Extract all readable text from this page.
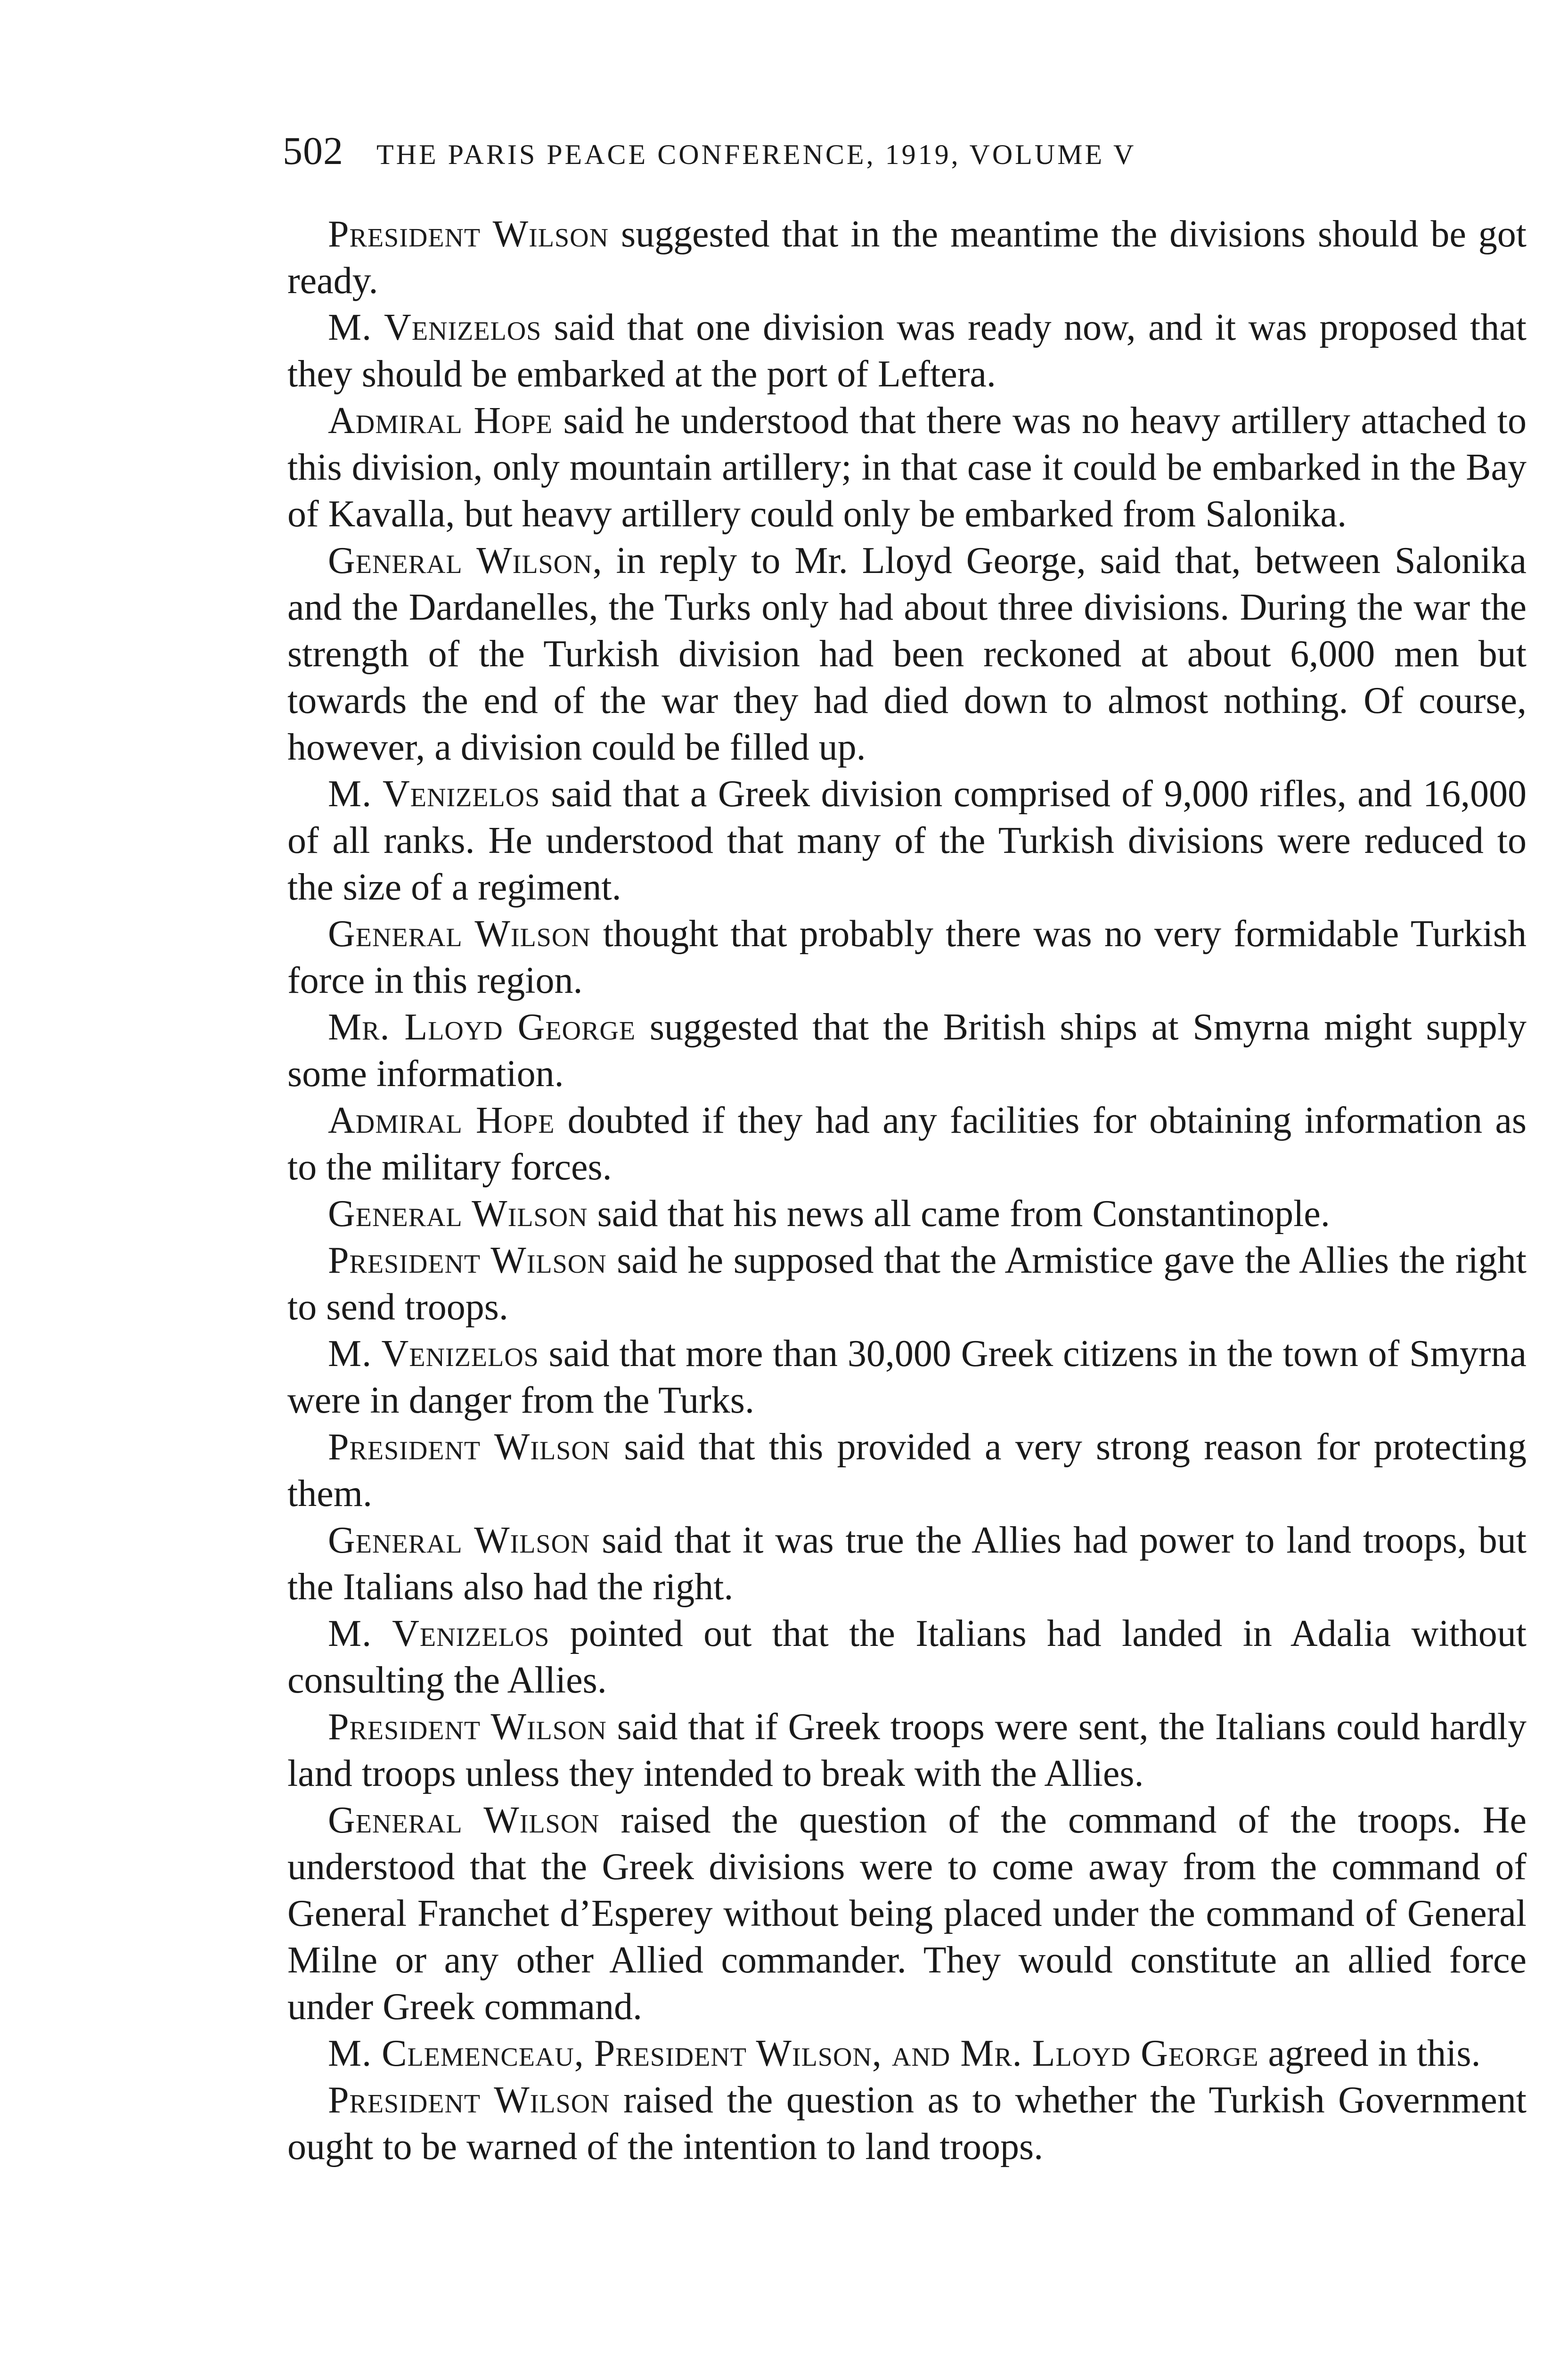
502 THE PARIS PEACE CONFERENCE, 1919, VOLUME V

President Wilson suggested that in the meantime the divisions should be got ready.

M. Venizelos said that one division was ready now, and it was proposed that they should be embarked at the port of Leftera.

Admiral Hope said he understood that there was no heavy artillery attached to this division, only mountain artillery; in that case it could be embarked in the Bay of Kavalla, but heavy artillery could only be embarked from Salonika.

General Wilson, in reply to Mr. Lloyd George, said that, between Salonika and the Dardanelles, the Turks only had about three divisions. During the war the strength of the Turkish division had been reckoned at about 6,000 men but towards the end of the war they had died down to almost nothing. Of course, however, a division could be filled up.

M. Venizelos said that a Greek division comprised of 9,000 rifles, and 16,000 of all ranks. He understood that many of the Turkish divisions were reduced to the size of a regiment.

General Wilson thought that probably there was no very formidable Turkish force in this region.

Mr. Lloyd George suggested that the British ships at Smyrna might supply some information.

Admiral Hope doubted if they had any facilities for obtaining information as to the military forces.

General Wilson said that his news all came from Constantinople.

President Wilson said he supposed that the Armistice gave the Allies the right to send troops.

M. Venizelos said that more than 30,000 Greek citizens in the town of Smyrna were in danger from the Turks.

President Wilson said that this provided a very strong reason for protecting them.

General Wilson said that it was true the Allies had power to land troops, but the Italians also had the right.

M. Venizelos pointed out that the Italians had landed in Adalia without consulting the Allies.

President Wilson said that if Greek troops were sent, the Italians could hardly land troops unless they intended to break with the Allies.

General Wilson raised the question of the command of the troops. He understood that the Greek divisions were to come away from the command of General Franchet d’Esperey without being placed under the command of General Milne or any other Allied commander. They would constitute an allied force under Greek command.

M. Clemenceau, President Wilson, and Mr. Lloyd George agreed in this.

President Wilson raised the question as to whether the Turkish Government ought to be warned of the intention to land troops.
